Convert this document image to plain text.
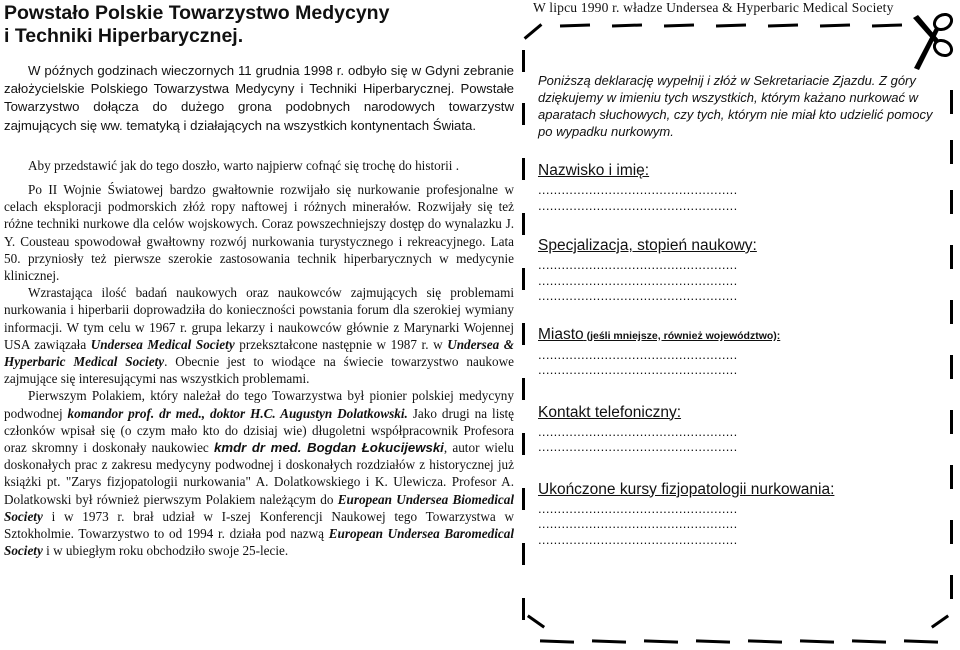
Powstało Polskie Towarzystwo Medycyny
i Techniki Hiperbarycznej.
W późnych godzinach wieczornych 11 grudnia 1998 r. odbyło się w Gdyni zebranie założycielskie Polskiego Towarzystwa Medycyny i Techniki Hiperbarycznej. Powstałe Towarzystwo dołącza do dużego grona podobnych narodowych towarzystw zajmujących się ww. tematyką i działających na wszystkich kontynentach Świata.

Aby przedstawić jak do tego doszło, warto najpierw cofnąć się trochę do historii .

Po II Wojnie Światowej bardzo gwałtownie rozwijało się nurkowanie profesjonalne w celach eksploracji podmorskich złóż ropy naftowej i różnych minerałów. Rozwijały się też różne techniki nurkowe dla celów wojskowych. Coraz powszechniejszy dostęp do wynalazku J. Y. Cousteau spowodował gwałtowny rozwój nurkowania turystycznego i rekreacyjnego. Lata 50. przyniosły też pierwsze szerokie zastosowania technik hiperbarycznych w medycynie klinicznej.

Wzrastająca ilość badań naukowych oraz naukowców zajmujących się problemami nurkowania i hiperbarii doprowadziła do konieczności powstania forum dla szerokiej wymiany informacji. W tym celu w 1967 r. grupa lekarzy i naukowców głównie z Marynarki Wojennej USA zawiązała Undersea Medical Society przekształcone następnie w 1987 r. w Undersea & Hyperbaric Medical Society. Obecnie jest to wiodące na świecie towarzystwo naukowe zajmujące się interesującymi nas wszystkich problemami.

Pierwszym Polakiem, który należał do tego Towarzystwa był pionier polskiej medycyny podwodnej komandor prof. dr med., doktor H.C. Augustyn Dolatkowski. Jako drugi na listę członków wpisał się (o czym mało kto do dzisiaj wie) długoletni współpracownik Profesora oraz skromny i doskonały naukowiec kmdr dr med. Bogdan Łokucijewski, autor wielu doskonałych prac z zakresu medycyny podwodnej i doskonałych rozdziałów z historycznej już książki pt. "Zarys fizjopatologii nurkowania" A. Dolatkowskiego i K. Ulewicza. Profesor A. Dolatkowski był również pierwszym Polakiem należącym do European Undersea Biomedical Society i w 1973 r. brał udział w I-szej Konferencji Naukowej tego Towarzystwa w Sztokholmie. Towarzystwo to od 1994 r. działa pod nazwą European Undersea Baromedical Society i w ubiegłym roku obchodziło swoje 25-lecie.

W lipcu 1990 r. władze Undersea & Hyperbaric Medical Society
Poniższą deklarację wypełnij i złóż w Sekretariacie Zjazdu. Z góry dziękujemy w imieniu tych wszystkich, którym każano nurkować w aparatach słuchowych, czy tych, którym nie miał kto udzielić pomocy po wypadku nurkowym.
Nazwisko i imię:
...................................................
...................................................
Specjalizacja, stopień naukowy:
...................................................
...................................................
...................................................
Miasto (jeśli mniejsze, również województwo):
...................................................
...................................................
Kontakt telefoniczny:
...................................................
...................................................
Ukończone kursy fizjopatologii nurkowania:
...................................................
...................................................
...................................................
